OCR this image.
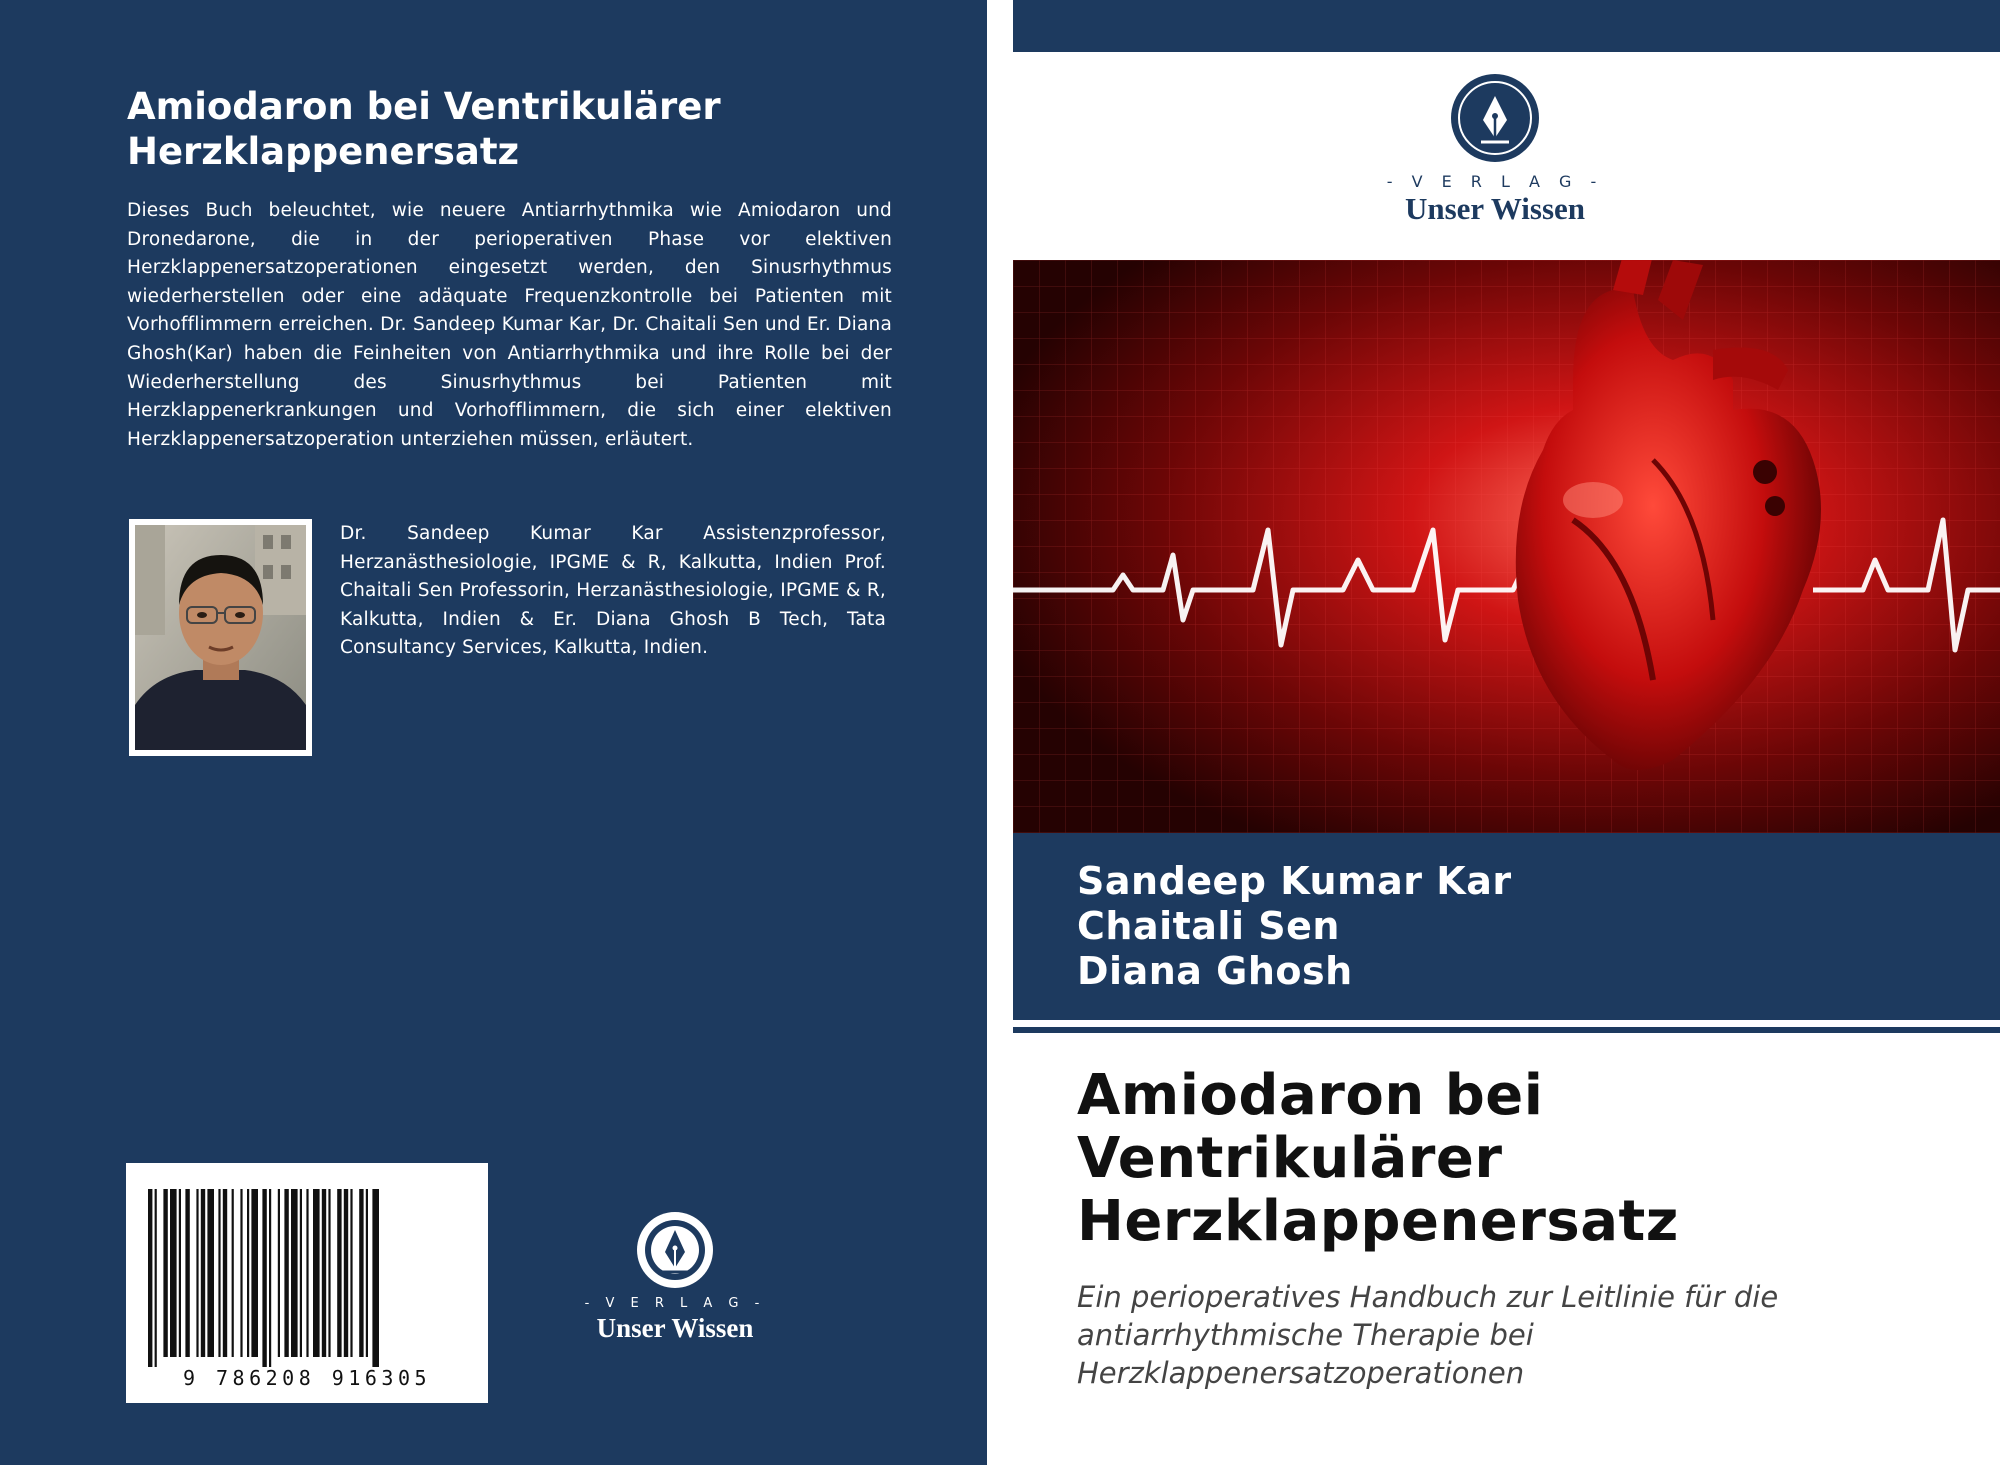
Amiodaron bei Ventrikulärer
Herzklappenersatz
Dieses Buch beleuchtet, wie neuere Antiarrhythmika wie Amiodaron und Dronedarone, die in der perioperativen Phase vor elektiven Herzklappenersatzoperationen eingesetzt werden, den Sinusrhythmus wiederherstellen oder eine adäquate Frequenzkontrolle bei Patienten mit Vorhofflimmern erreichen. Dr. Sandeep Kumar Kar, Dr. Chaitali Sen und Er. Diana Ghosh(Kar) haben die Feinheiten von Antiarrhythmika und ihre Rolle bei der Wiederherstellung des Sinusrhythmus bei Patienten mit Herzklappenerkrankungen und Vorhofflimmern, die sich einer elektiven Herzklappenersatzoperation unterziehen müssen, erläutert.
Dr. Sandeep Kumar Kar Assistenzprofessor, Herzanästhesiologie, IPGME & R, Kalkutta, Indien Prof. Chaitali Sen Professorin, Herzanästhesiologie, IPGME & R, Kalkutta, Indien & Er. Diana Ghosh B Tech, Tata Consultancy Services, Kalkutta, Indien.
9 786208 916305
- V E R L A G -
Unser Wissen
- V E R L A G -
Unser Wissen
Sandeep Kumar Kar
Chaitali Sen
Diana Ghosh
Amiodaron bei Ventrikulärer Herzklappenersatz
Ein perioperatives Handbuch zur Leitlinie für die antiarrhythmische Therapie bei Herzklappenersatzoperationen
